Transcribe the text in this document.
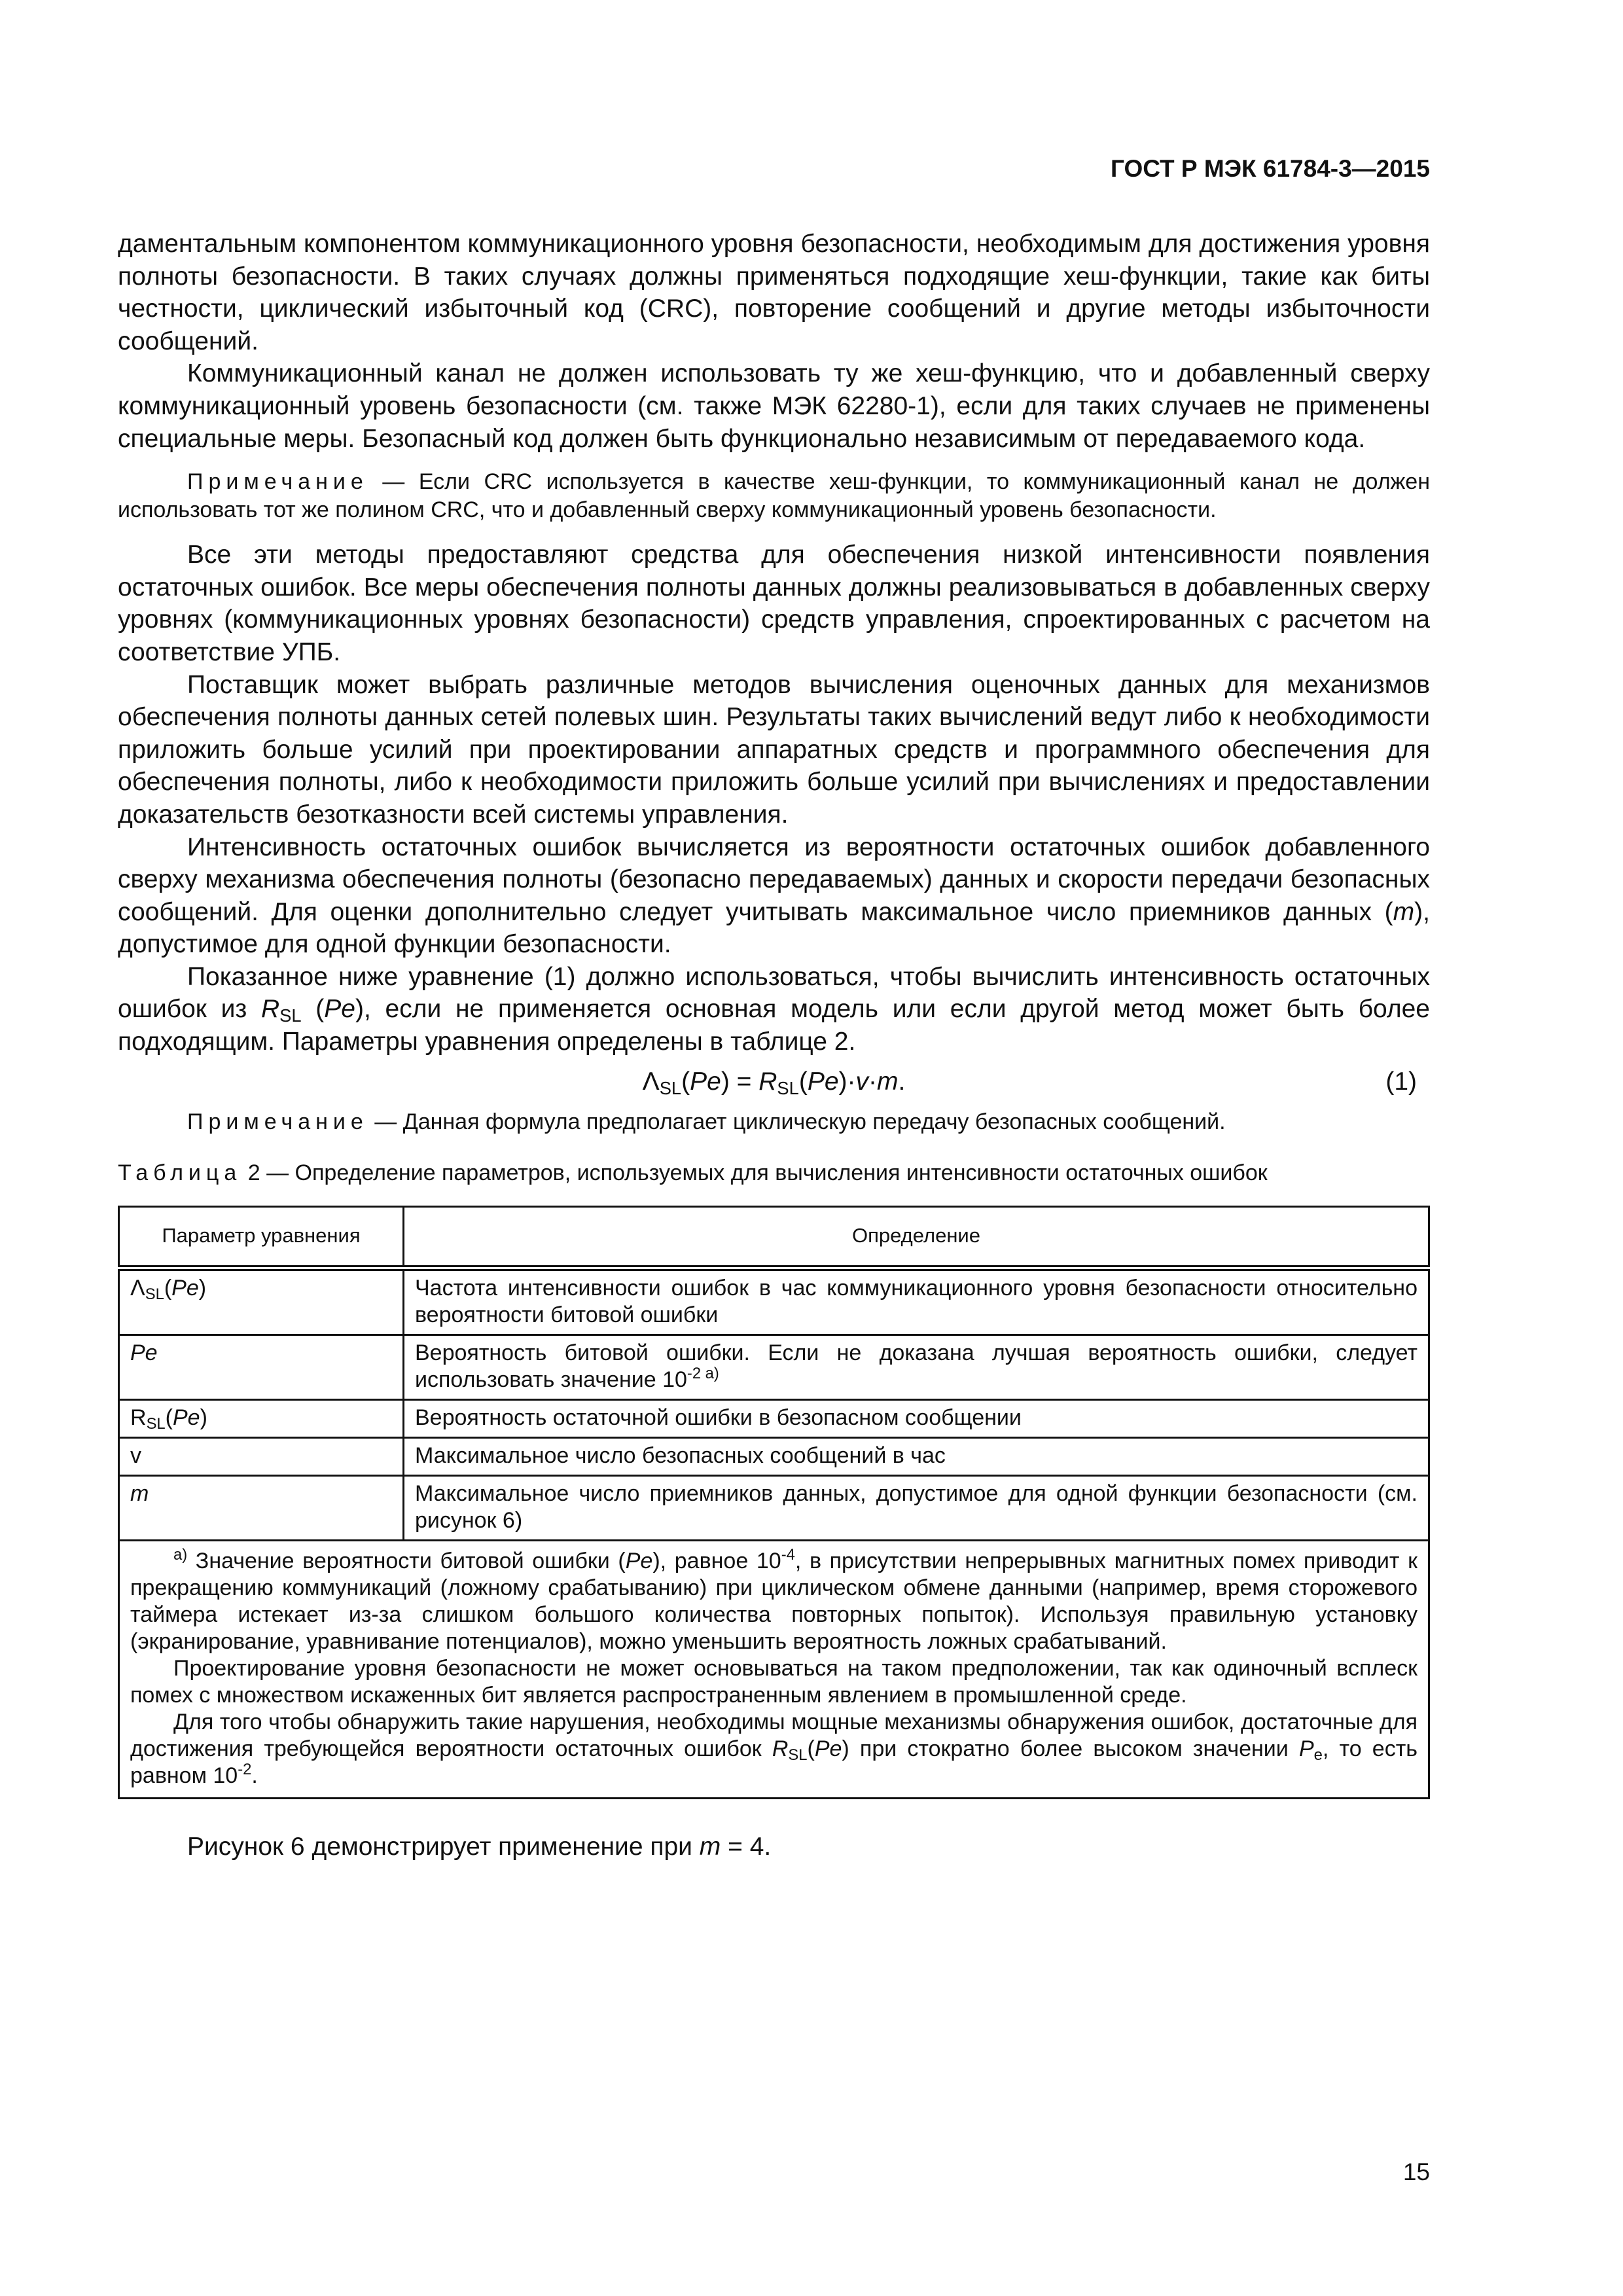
ГОСТ Р МЭК 61784-3—2015

даментальным компонентом коммуникационного уровня безопасности, необходимым для достижения уровня полноты безопасности. В таких случаях должны применяться подходящие хеш-функции, такие как биты честности, циклический избыточный код (CRC), повторение сообщений и другие методы избыточности сообщений.

Коммуникационный канал не должен использовать ту же хеш-функцию, что и добавленный сверху коммуникационный уровень безопасности (см. также МЭК 62280-1), если для таких случаев не применены специальные меры. Безопасный код должен быть функционально независимым от передаваемого кода.

Примечание — Если CRC используется в качестве хеш-функции, то коммуникационный канал не должен использовать тот же полином CRC, что и добавленный сверху коммуникационный уровень безопасности.

Все эти методы предоставляют средства для обеспечения низкой интенсивности появления остаточных ошибок. Все меры обеспечения полноты данных должны реализовываться в добавленных сверху уровнях (коммуникационных уровнях безопасности) средств управления, спроектированных с расчетом на соответствие УПБ.

Поставщик может выбрать различные методов вычисления оценочных данных для механизмов обеспечения полноты данных сетей полевых шин. Результаты таких вычислений ведут либо к необходимости приложить больше усилий при проектировании аппаратных средств и программного обеспечения для обеспечения полноты, либо к необходимости приложить больше усилий при вычислениях и предоставлении доказательств безотказности всей системы управления.

Интенсивность остаточных ошибок вычисляется из вероятности остаточных ошибок добавленного сверху механизма обеспечения полноты (безопасно передаваемых) данных и скорости передачи безопасных сообщений. Для оценки дополнительно следует учитывать максимальное число приемников данных (m), допустимое для одной функции безопасности.

Показанное ниже уравнение (1) должно использоваться, чтобы вычислить интенсивность остаточных ошибок из $R_{SL}$ (Pe), если не применяется основная модель или если другой метод может быть более подходящим. Параметры уравнения определены в таблице 2.

$\Lambda_{SL}(Pe) = R_{SL}(Pe)\cdot v\cdot m$.	(1)

Примечание — Данная формула предполагает циклическую передачу безопасных сообщений.

Таблица 2 — Определение параметров, используемых для вычисления интенсивности остаточных ошибок

Параметр уравнения	Определение
$\Lambda_{SL}(Pe)$	Частота интенсивности ошибок в час коммуникационного уровня безопасности относительно вероятности битовой ошибки
Pe	Вероятность битовой ошибки. Если не доказана лучшая вероятность ошибки, следует использовать значение $10^{-2 а)}$
$R_{SL}(Pe)$	Вероятность остаточной ошибки в безопасном сообщении
v	Максимальное число безопасных сообщений в час
m	Максимальное число приемников данных, допустимое для одной функции безопасности (см. рисунок 6)

$^{а)}$ Значение вероятности битовой ошибки (Pe), равное $10^{-4}$, в присутствии непрерывных магнитных помех приводит к прекращению коммуникаций (ложному срабатыванию) при циклическом обмене данными (например, время сторожевого таймера истекает из-за слишком большого количества повторных попыток). Используя правильную установку (экранирование, уравнивание потенциалов), можно уменьшить вероятность ложных срабатываний.

Проектирование уровня безопасности не может основываться на таком предположении, так как одиночный всплеск помех с множеством искаженных бит является распространенным явлением в промышленной среде.

Для того чтобы обнаружить такие нарушения, необходимы мощные механизмы обнаружения ошибок, достаточные для достижения требующейся вероятности остаточных ошибок $R_{SL}(Pe)$ при стократно более высоком значении $P_e$, то есть равном $10^{-2}$.	

Рисунок 6 демонстрирует применение при m = 4.

15
